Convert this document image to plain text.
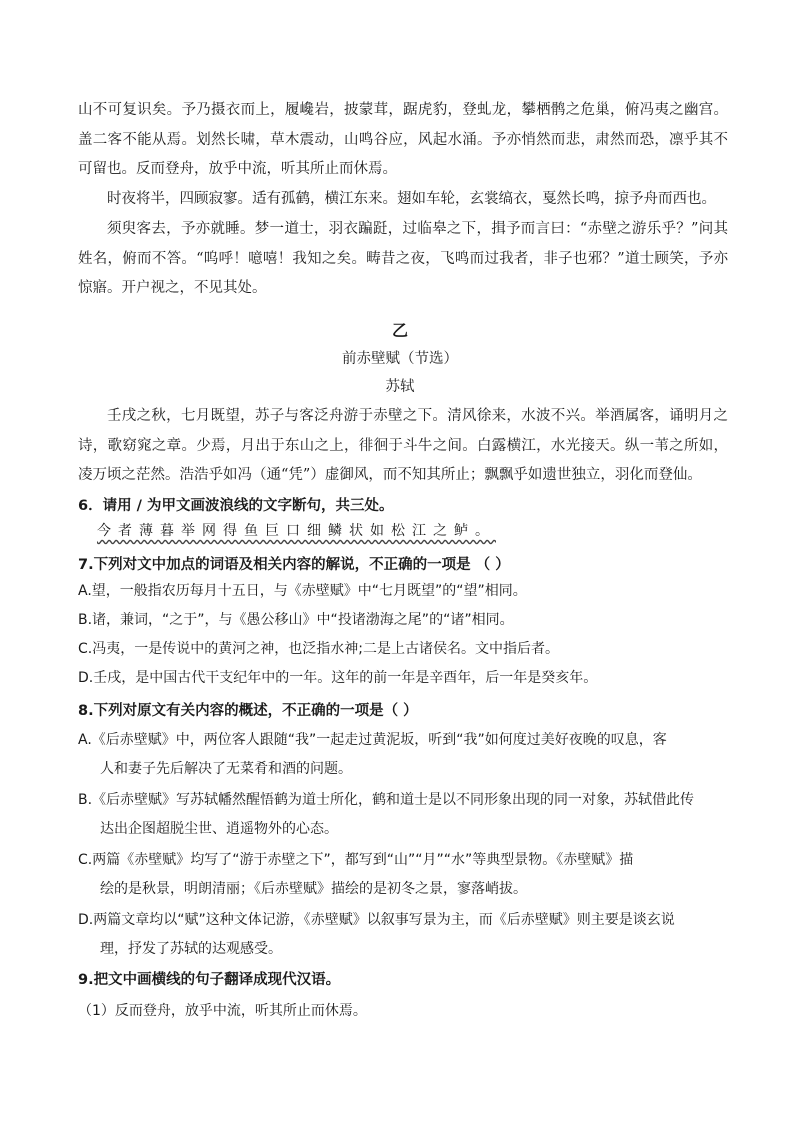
山不可复识矣。予乃摄衣而上，履巉岩，披蒙茸，踞虎豹，登虬龙，攀栖鹘之危巢，俯冯夷之幽宫。盖二客不能从焉。划然长啸，草木震动，山鸣谷应，风起水涌。予亦悄然而悲，肃然而恐，凛乎其不可留也。反而登舟，放乎中流，听其所止而休焉。

时夜将半，四顾寂寥。适有孤鹤，横江东来。翅如车轮，玄裳缟衣，戛然长鸣，掠予舟而西也。

须臾客去，予亦就睡。梦一道士，羽衣蹁跹，过临皋之下，揖予而言曰：“赤壁之游乐乎？”问其姓名，俯而不答。“呜呼！噫嘻！我知之矣。畴昔之夜，飞鸣而过我者，非子也邪？”道士顾笑，予亦惊寤。开户视之，不见其处。

乙
前赤壁赋（节选）
苏轼

壬戌之秋，七月既望，苏子与客泛舟游于赤壁之下。清风徐来，水波不兴。举酒属客，诵明月之诗，歌窈窕之章。少焉，月出于东山之上，徘徊于斗牛之间。白露横江，水光接天。纵一苇之所如，凌万顷之茫然。浩浩乎如冯（通“凭”）虚御风，而不知其所止；飘飘乎如遗世独立，羽化而登仙。

6．请用 / 为甲文画波浪线的文字断句，共三处。
今者薄暮举网得鱼巨口细鳞状如松江之鲈。
7.下列对文中加点的词语及相关内容的解说，不正确的一项是 （ ）

A.望，一般指农历每月十五日，与《赤壁赋》中“七月既望”的“望”相同。

B.诸，兼词，“之于”，与《愚公移山》中“投诸渤海之尾”的“诸”相同。

C.冯夷，一是传说中的黄河之神，也泛指水神;二是上古诸侯名。文中指后者。

D.壬戌，是中国古代干支纪年中的一年。这年的前一年是辛酉年，后一年是癸亥年。

8.下列对原文有关内容的概述，不正确的一项是（ ）
A.《后赤壁赋》中，两位客人跟随“我”一起走过黄泥坂，听到“我”如何度过美好夜晚的叹息，客
人和妻子先后解决了无菜肴和酒的问题。
B.《后赤壁赋》写苏轼幡然醒悟鹤为道士所化，鹤和道士是以不同形象出现的同一对象，苏轼借此传
达出企图超脱尘世、逍遥物外的心态。
C.两篇《赤壁赋》均写了“游于赤壁之下”，都写到“山”“月”“水”等典型景物。《赤壁赋》描
绘的是秋景，明朗清丽；《后赤壁赋》描绘的是初冬之景，寥落峭拔。
D.两篇文章均以“赋”这种文体记游，《赤壁赋》以叙事写景为主，而《后赤壁赋》则主要是谈玄说
理，抒发了苏轼的达观感受。
9.把文中画横线的句子翻译成现代汉语。
（1）反而登舟，放乎中流，听其所止而休焉。
